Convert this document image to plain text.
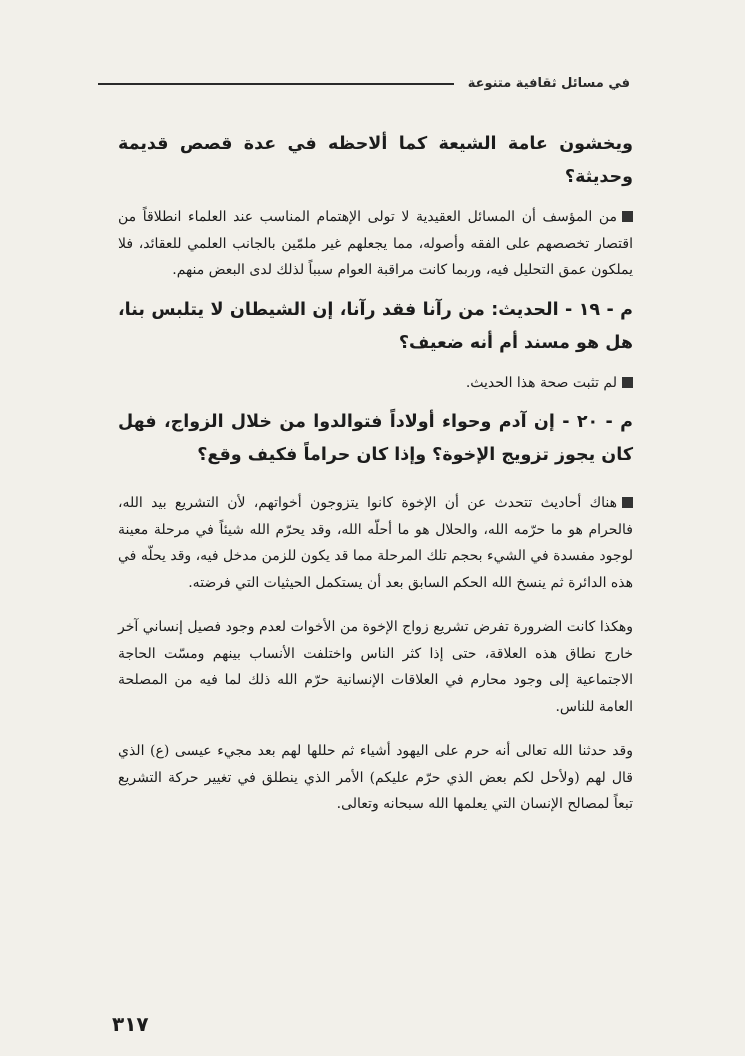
في مسائل ثقافية متنوعة

ويخشون عامة الشيعة كما ألاحظه في عدة قصص قديمة وحديثة؟

من المؤسف أن المسائل العقيدية لا تولى الإهتمام المناسب عند العلماء انطلاقاً من اقتصار تخصصهم على الفقه وأصوله، مما يجعلهم غير ملمّين بالجانب العلمي للعقائد، فلا يملكون عمق التحليل فيه، وربما كانت مراقبة العوام سبباً لذلك لدى البعض منهم.

م - ١٩ - الحديث: من رآنا فقد رآنا، إن الشيطان لا يتلبس بنا، هل هو مسند أم أنه ضعيف؟

لم تثبت صحة هذا الحديث.

م - ٢٠ - إن آدم وحواء أولاداً فتوالدوا من خلال الزواج، فهل كان يجوز تزويج الإخوة؟ وإذا كان حراماً فكيف وقع؟

هناك أحاديث تتحدث عن أن الإخوة كانوا يتزوجون أخواتهم، لأن التشريع بيد الله، فالحرام هو ما حرّمه الله، والحلال هو ما أحلّه الله، وقد يحرّم الله شيئاً في مرحلة معينة لوجود مفسدة في الشيء بحجم تلك المرحلة مما قد يكون للزمن مدخل فيه، وقد يحلّه في هذه الدائرة ثم ينسخ الله الحكم السابق بعد أن يستكمل الحيثيات التي فرضته.

وهكذا كانت الضرورة تفرض تشريع زواج الإخوة من الأخوات لعدم وجود فصيل إنساني آخر خارج نطاق هذه العلاقة، حتى إذا كثر الناس واختلفت الأنساب بينهم ومسّت الحاجة الاجتماعية إلى وجود محارم في العلاقات الإنسانية حرّم الله ذلك لما فيه من المصلحة العامة للناس.

وقد حدثنا الله تعالى أنه حرم على اليهود أشياء ثم حللها لهم بعد مجيء عيسى (ع) الذي قال لهم (ولأحل لكم بعض الذي حرّم عليكم) الأمر الذي ينطلق في تغيير حركة التشريع تبعاً لمصالح الإنسان التي يعلمها الله سبحانه وتعالى.

٣١٧
